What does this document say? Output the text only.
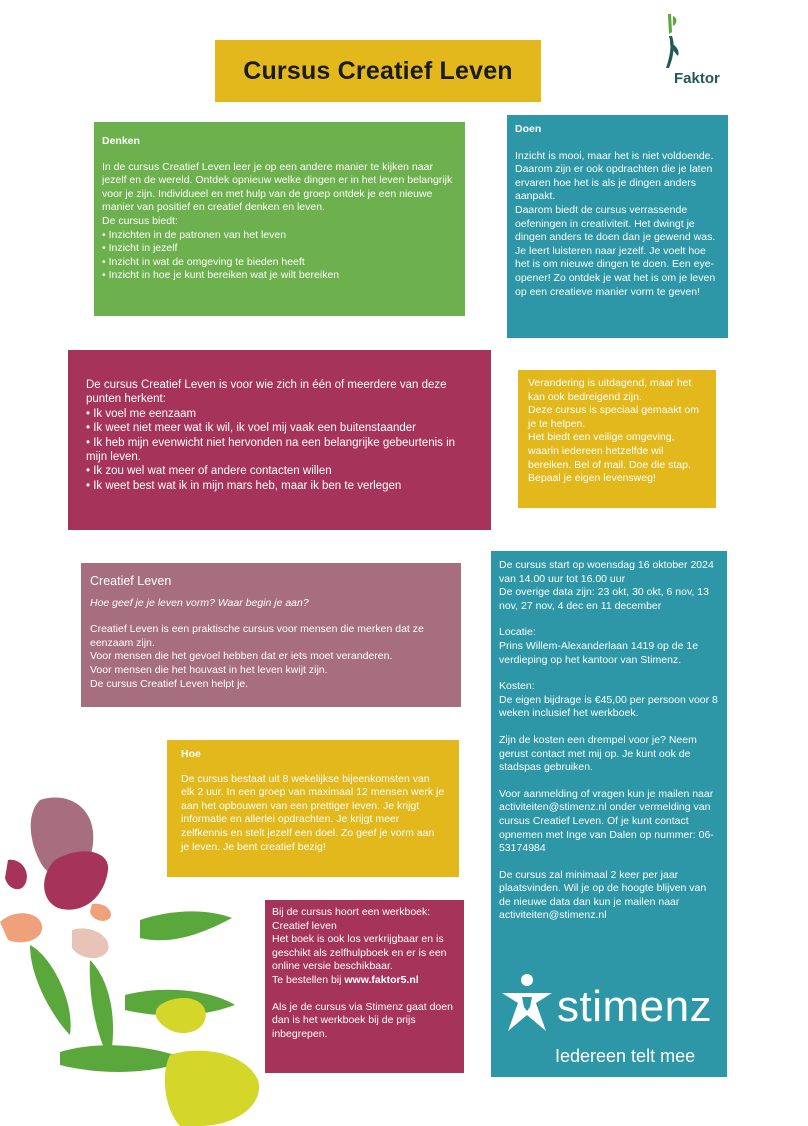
Cursus Creatief Leven	Faktor

Denken

In de cursus Creatief Leven leer je op een andere manier te kijken naar jezelf en de wereld. Ontdek opnieuw welke dingen er in het leven belangrijk voor je zijn. Individueel en met hulp van de groep ontdek je een nieuwe manier van positief en creatief denken en leven.

De cursus biedt:

• Inzichten in de patronen van het leven
• Inzicht in jezelf
• Inzicht in wat de omgeving te bieden heeft
• Inzicht in hoe je kunt bereiken wat je wilt bereiken

Doen

Inzicht is mooi, maar het is niet voldoende.

Daarom zijn er ook opdrachten die je laten ervaren hoe het is als je dingen anders aanpakt.

Daarom biedt de cursus verrassende oefeningen in creativiteit. Het dwingt je dingen anders te doen dan je gewend was. Je leert luisteren naar jezelf. Je voelt hoe het is om nieuwe dingen te doen. Een eye-opener! Zo ontdek je wat het is om je leven op een creatieve manier vorm te geven!

De cursus Creatief Leven is voor wie zich in één of meerdere van deze punten herkent:

• Ik voel me eenzaam
• Ik weet niet meer wat ik wil, ik voel mij vaak een buitenstaander
• Ik heb mijn evenwicht niet hervonden na een belangrijke gebeurtenis in mijn leven.
• Ik zou wel wat meer of andere contacten willen
• Ik weet best wat ik in mijn mars heb, maar ik ben te verlegen

Verandering is uitdagend, maar het kan ook bedreigend zijn.

Deze cursus is speciaal gemaakt om je te helpen.

Het biedt een veilige omgeving, waarin iedereen hetzelfde wil bereiken. Bel of mail. Doe die stap.

Bepaal je eigen levensweg!

Creatief Leven

Hoe geef je je leven vorm? Waar begin je aan?

Creatief Leven is een praktische cursus voor mensen die merken dat ze eenzaam zijn.

Voor mensen die het gevoel hebben dat er iets moet veranderen.

Voor mensen die het houvast in het leven kwijt zijn.

De cursus Creatief Leven helpt je.

Hoe

De cursus bestaat uit 8 wekelijkse bijeenkomsten van elk 2 uur. In een groep van maximaal 12 mensen werk je aan het opbouwen van een prettiger leven. Je krijgt informatie en allerlei opdrachten. Je krijgt meer zelfkennis en stelt jezelf een doel. Zo geef je vorm aan je leven. Je bent creatief bezig!

Bij de cursus hoort een werkboek:

Creatief leven

Het boek is ook los verkrijgbaar en is geschikt als zelfhulpboek en er is een online versie beschikbaar.

Te bestellen bij www.faktor5.nl

Als je de cursus via Stimenz gaat doen dan is het werkboek bij de prijs inbegrepen.

De cursus start op woensdag 16 oktober 2024 van 14.00 uur tot 16.00 uur

De overige data zijn: 23 okt, 30 okt, 6 nov, 13 nov, 27 nov, 4 dec en 11 december

Locatie:

Prins Willem-Alexanderlaan 1419 op de 1e verdieping op het kantoor van Stimenz.

Kosten:

De eigen bijdrage is €45,00 per persoon voor 8 weken inclusief het werkboek.

Zijn de kosten een drempel voor je? Neem gerust contact met mij op. Je kunt ook de stadspas gebruiken.

Voor aanmelding of vragen kun je mailen naar activiteiten@stimenz.nl onder vermelding van cursus Creatief Leven. Of je kunt contact opnemen met Inge van Dalen op nummer: 06-53174984

De cursus zal minimaal 2 keer per jaar plaatsvinden. Wil je op de hoogte blijven van de nieuwe data dan kun je mailen naar activiteiten@stimenz.nl

stimenz
Iedereen telt mee
